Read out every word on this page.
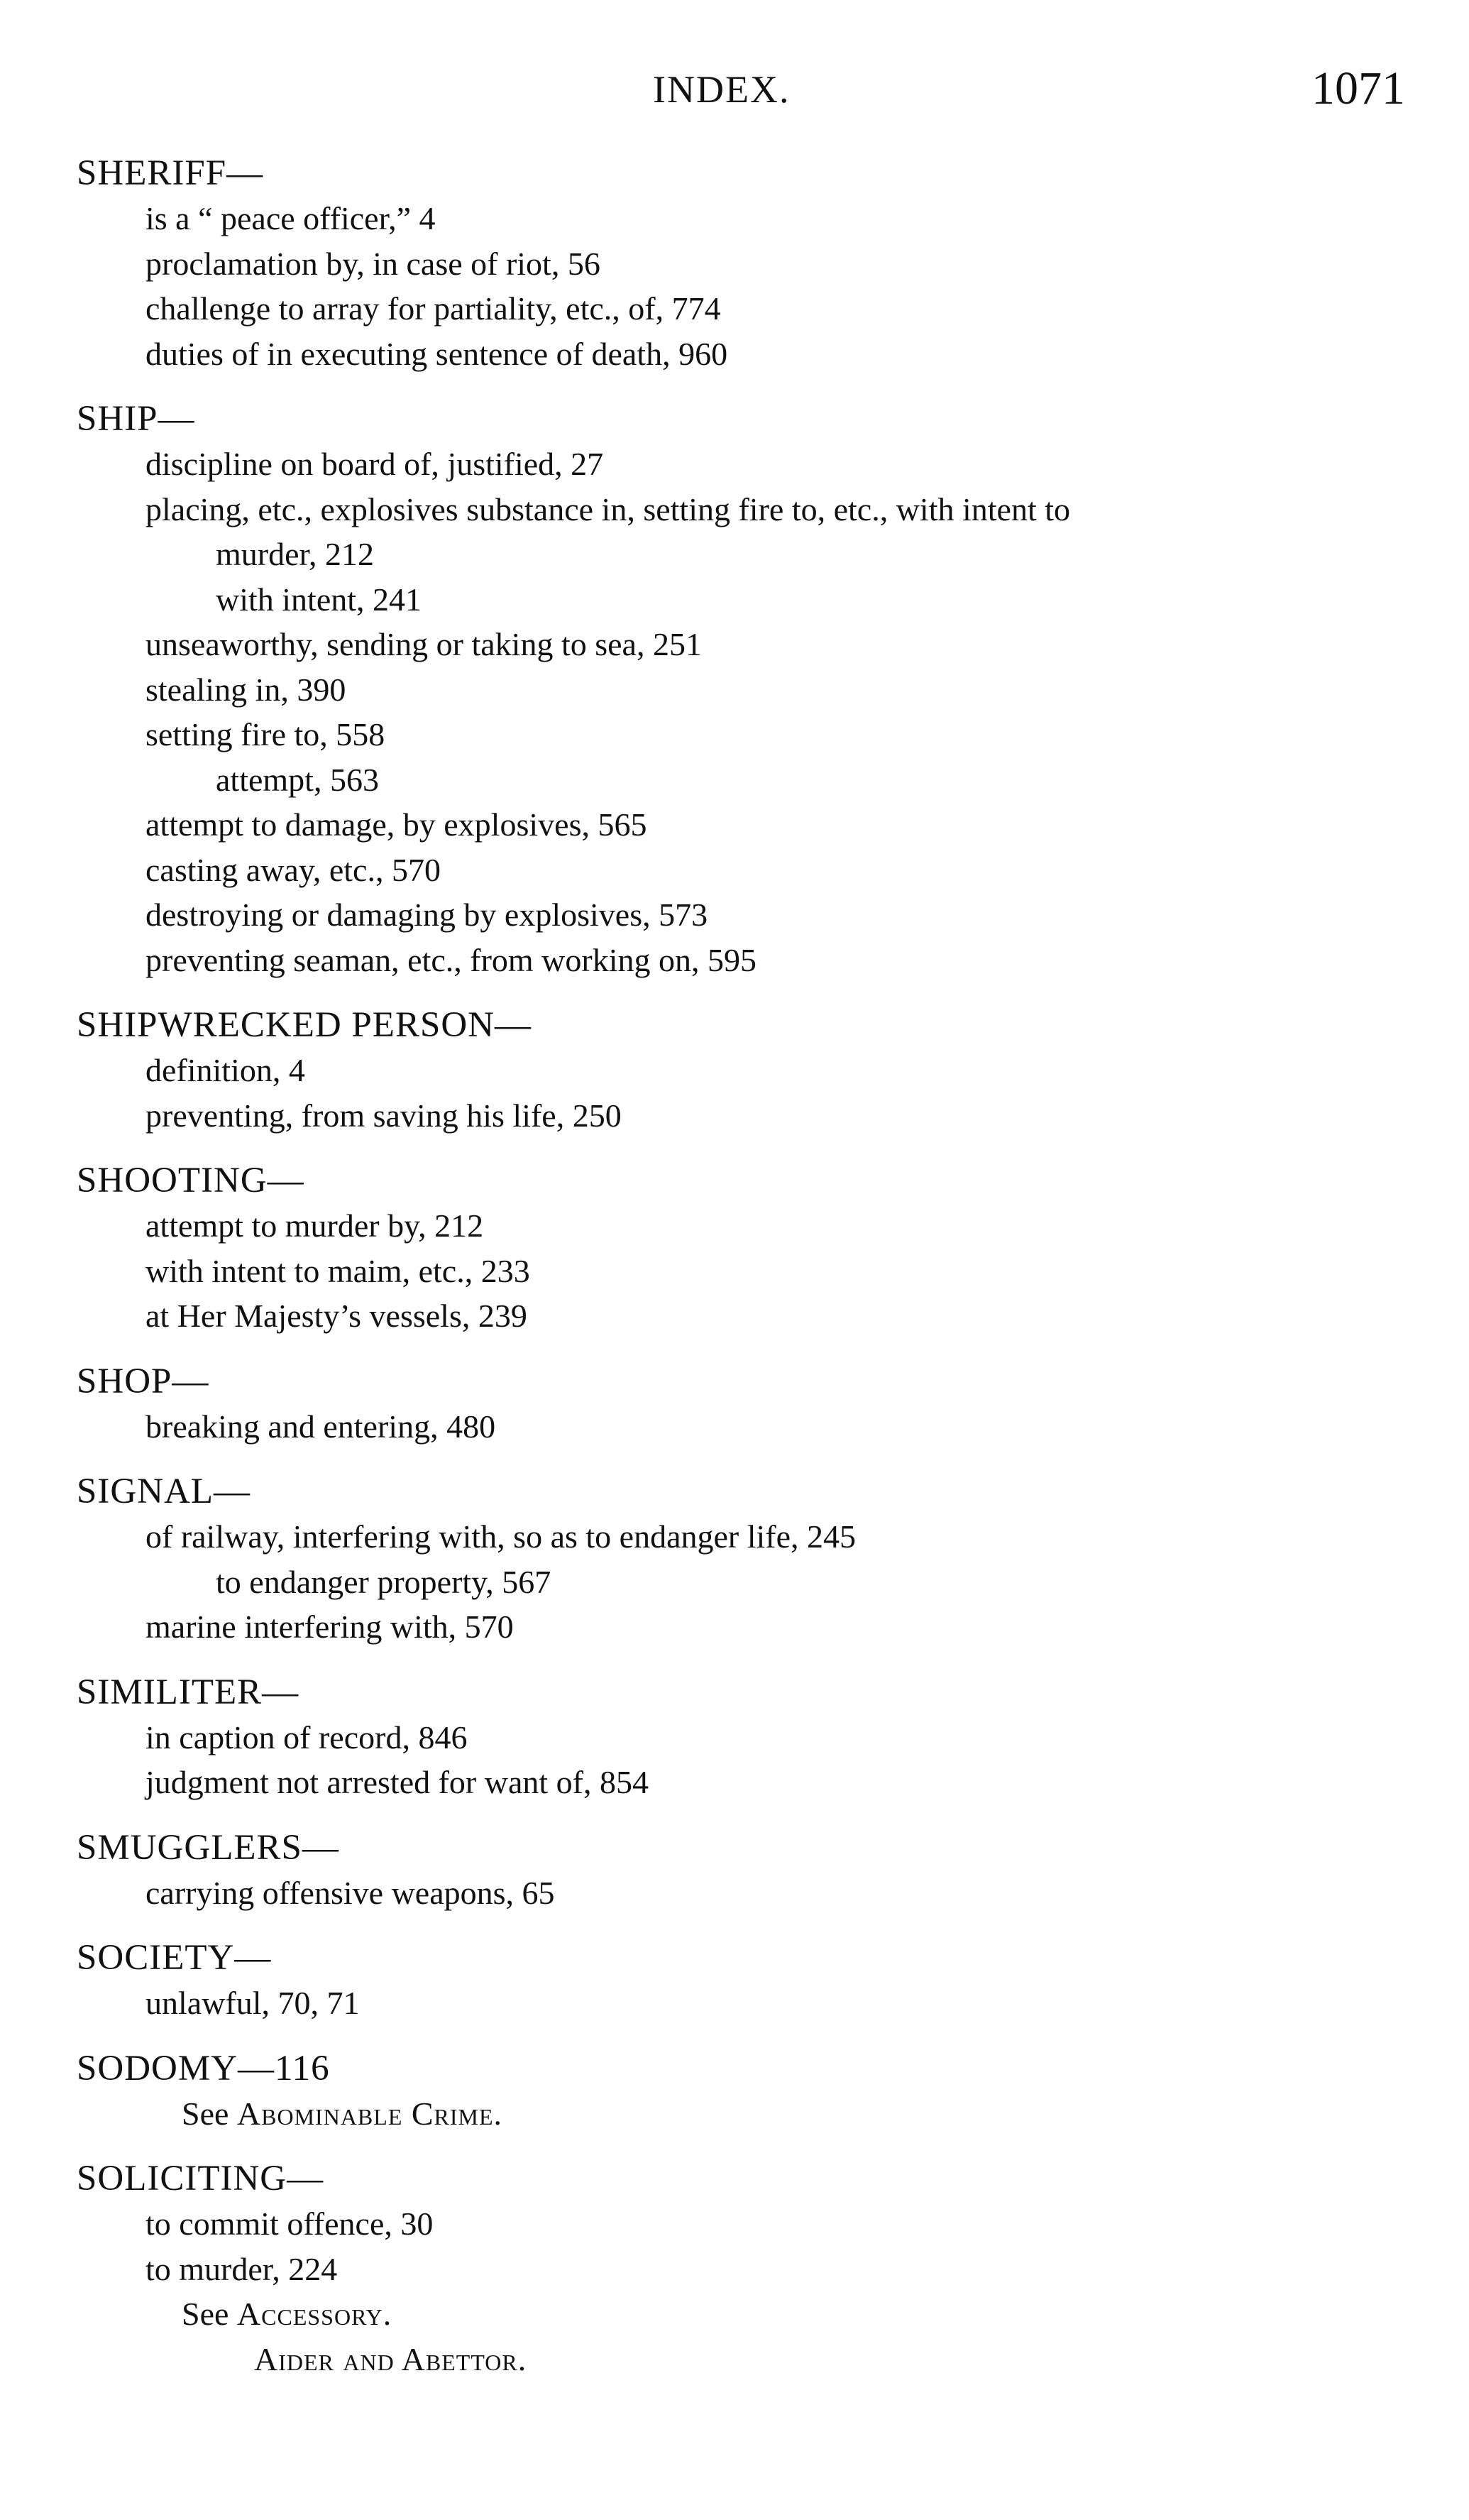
INDEX.	1071
SHERIFF—
is a “ peace officer,” 4
proclamation by, in case of riot, 56
challenge to array for partiality, etc., of, 774
duties of in executing sentence of death, 960
SHIP—
discipline on board of, justified, 27
placing, etc., explosives substance in, setting fire to, etc., with intent to
murder, 212
with intent, 241
unseaworthy, sending or taking to sea, 251
stealing in, 390
setting fire to, 558
attempt, 563
attempt to damage, by explosives, 565
casting away, etc., 570
destroying or damaging by explosives, 573
preventing seaman, etc., from working on, 595
SHIPWRECKED PERSON—
definition, 4
preventing, from saving his life, 250
SHOOTING—
attempt to murder by, 212
with intent to maim, etc., 233
at Her Majesty’s vessels, 239
SHOP—
breaking and entering, 480
SIGNAL—
of railway, interfering with, so as to endanger life, 245
to endanger property, 567
marine interfering with, 570
SIMILITER—
in caption of record, 846
judgment not arrested for want of, 854
SMUGGLERS—
carrying offensive weapons, 65
SOCIETY—
unlawful, 70, 71
SODOMY—116
See Abominable Crime.
SOLICITING—
to commit offence, 30
to murder, 224
See Accessory.
Aider and Abettor.
